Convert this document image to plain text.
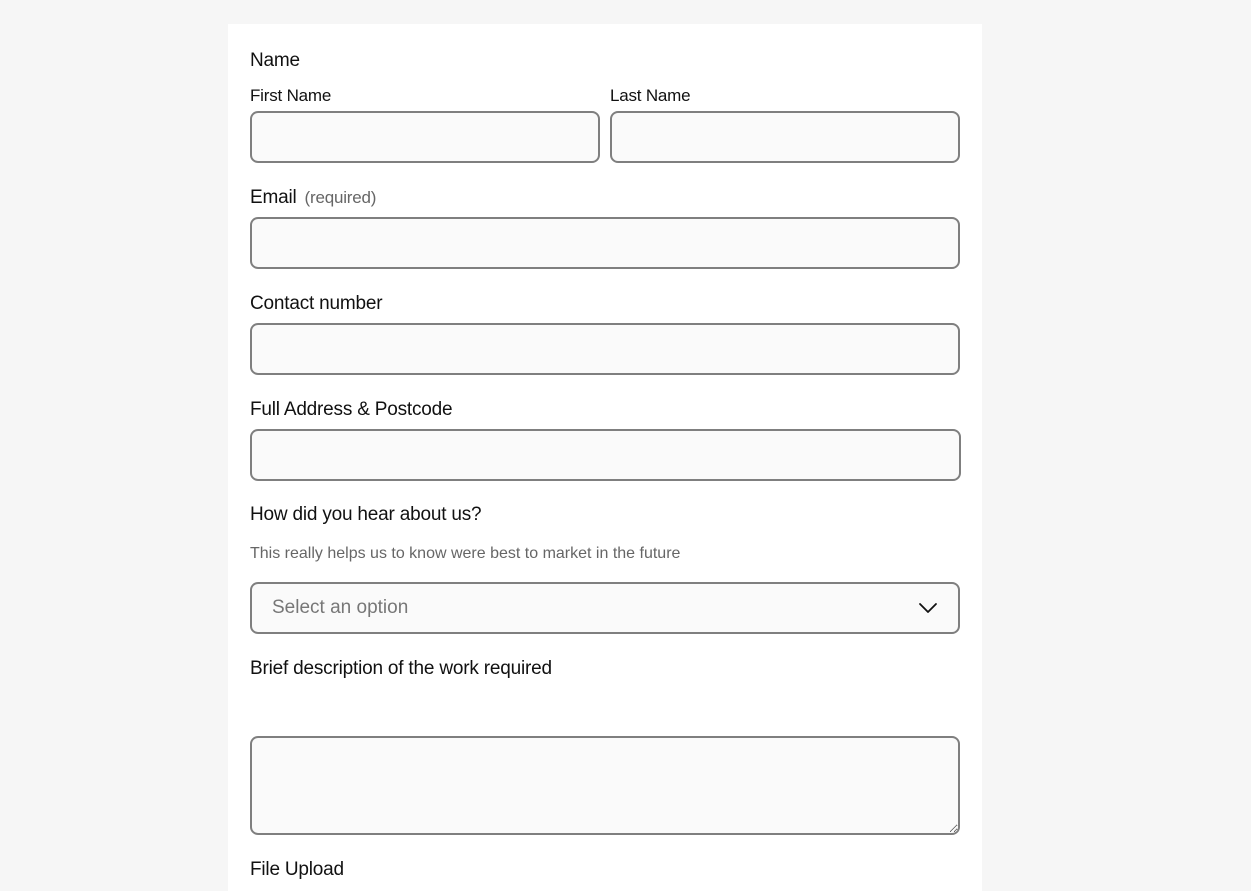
Name
First Name	Last Name
Email (required)
Contact number
Full Address & Postcode
How did you hear about us?
This really helps us to know were best to market in the future
Select an option
Brief description of the work required
File Upload
